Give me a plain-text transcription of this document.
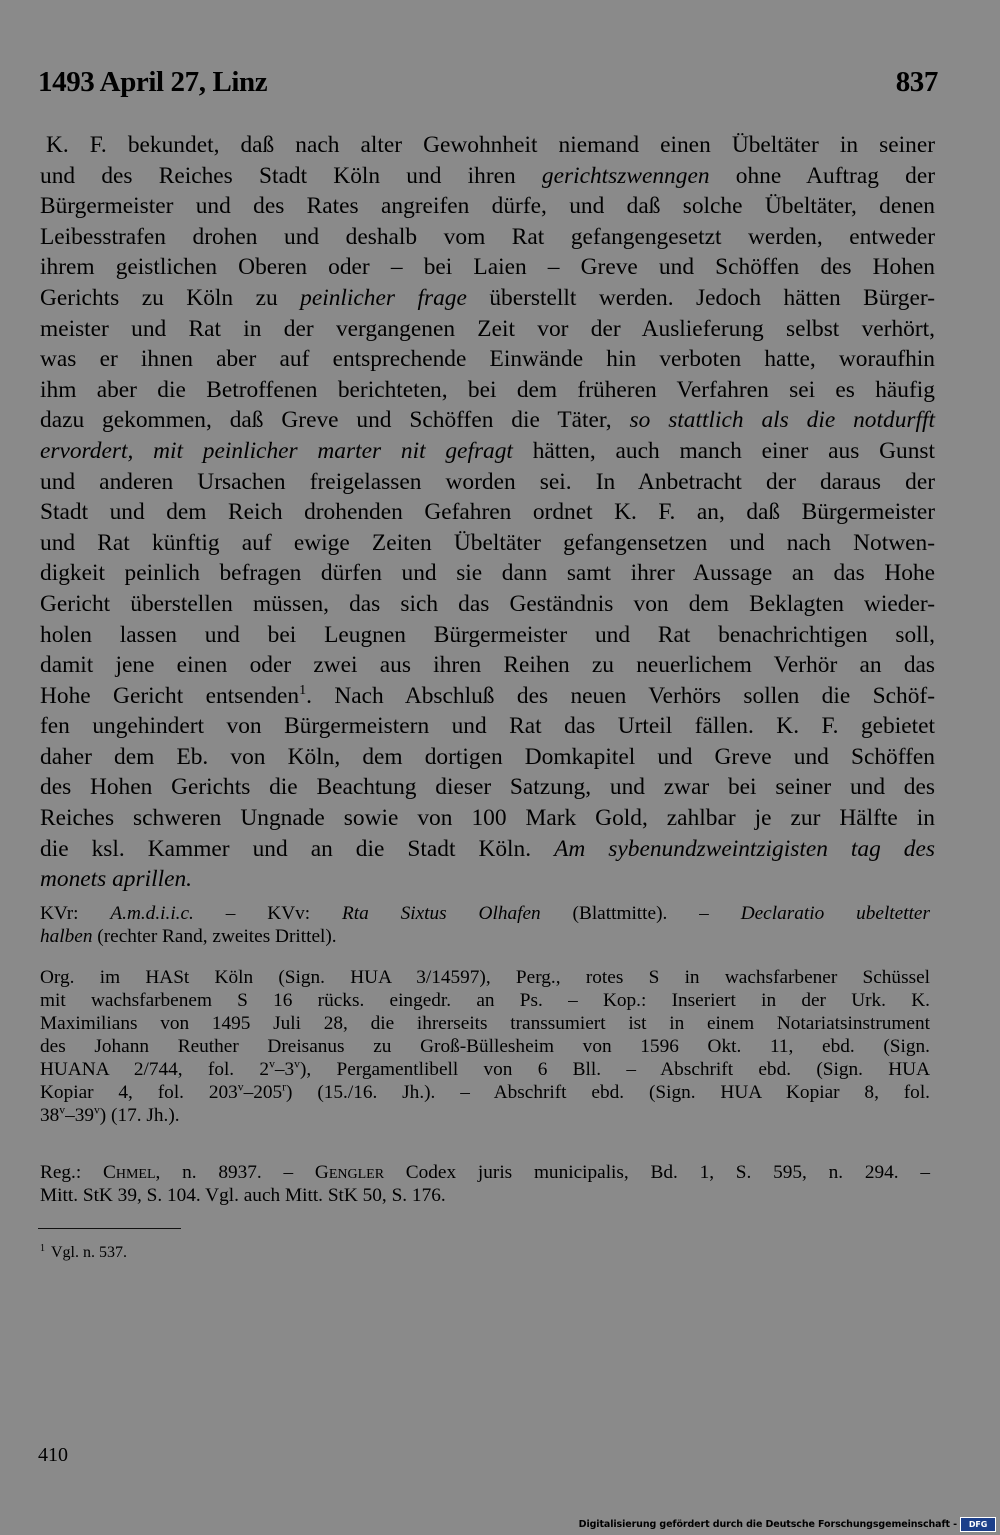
1493 April 27, Linz	837
K. F. bekundet, daß nach alter Gewohnheit niemand einen Übeltäter in seiner
und des Reiches Stadt Köln und ihren gerichtszwenngen ohne Auftrag der
Bürgermeister und des Rates angreifen dürfe, und daß solche Übeltäter, denen
Leibesstrafen drohen und deshalb vom Rat gefangengesetzt werden, entweder
ihrem geistlichen Oberen oder – bei Laien – Greve und Schöffen des Hohen
Gerichts zu Köln zu peinlicher frage überstellt werden. Jedoch hätten Bürger-
meister und Rat in der vergangenen Zeit vor der Auslieferung selbst verhört,
was er ihnen aber auf entsprechende Einwände hin verboten hatte, woraufhin
ihm aber die Betroffenen berichteten, bei dem früheren Verfahren sei es häufig
dazu gekommen, daß Greve und Schöffen die Täter, so stattlich als die notdurfft
ervordert, mit peinlicher marter nit gefragt hätten, auch manch einer aus Gunst
und anderen Ursachen freigelassen worden sei. In Anbetracht der daraus der
Stadt und dem Reich drohenden Gefahren ordnet K. F. an, daß Bürgermeister
und Rat künftig auf ewige Zeiten Übeltäter gefangensetzen und nach Notwen-
digkeit peinlich befragen dürfen und sie dann samt ihrer Aussage an das Hohe
Gericht überstellen müssen, das sich das Geständnis von dem Beklagten wieder-
holen lassen und bei Leugnen Bürgermeister und Rat benachrichtigen soll,
damit jene einen oder zwei aus ihren Reihen zu neuerlichem Verhör an das
Hohe Gericht entsenden$^1$. Nach Abschluß des neuen Verhörs sollen die Schöf-
fen ungehindert von Bürgermeistern und Rat das Urteil fällen. K. F. gebietet
daher dem Eb. von Köln, dem dortigen Domkapitel und Greve und Schöffen
des Hohen Gerichts die Beachtung dieser Satzung, und zwar bei seiner und des
Reiches schweren Ungnade sowie von 100 Mark Gold, zahlbar je zur Hälfte in
die ksl. Kammer und an die Stadt Köln. Am sybenundzweintzigisten tag des
monets aprillen.
KVr: A.m.d.i.i.c. – KVv: Rta Sixtus Olhafen (Blattmitte). – Declaratio ubeltetter
halben (rechter Rand, zweites Drittel).
Org. im HASt Köln (Sign. HUA 3/14597), Perg., rotes S in wachsfarbener Schüssel
mit wachsfarbenem S 16 rücks. eingedr. an Ps. – Kop.: Inseriert in der Urk. K.
Maximilians von 1495 Juli 28, die ihrerseits transsumiert ist in einem Notariatsinstrument
des Johann Reuther Dreisanus zu Groß-Büllesheim von 1596 Okt. 11, ebd. (Sign.
HUANA 2/744, fol. 2$^v$–3$^v$), Pergamentlibell von 6 Bll. – Abschrift ebd. (Sign. HUA
Kopiar 4, fol. 203$^v$–205$^r$) (15./16. Jh.). – Abschrift ebd. (Sign. HUA Kopiar 8, fol.
38$^v$–39$^v$) (17. Jh.).
Reg.: Chmel, n. 8937. – Gengler Codex juris municipalis, Bd. 1, S. 595, n. 294. –
Mitt. StK 39, S. 104. Vgl. auch Mitt. StK 50, S. 176.
$^1$ Vgl. n. 537.
410
Digitalisierung gefördert durch die Deutsche Forschungsgemeinschaft -	DFG
